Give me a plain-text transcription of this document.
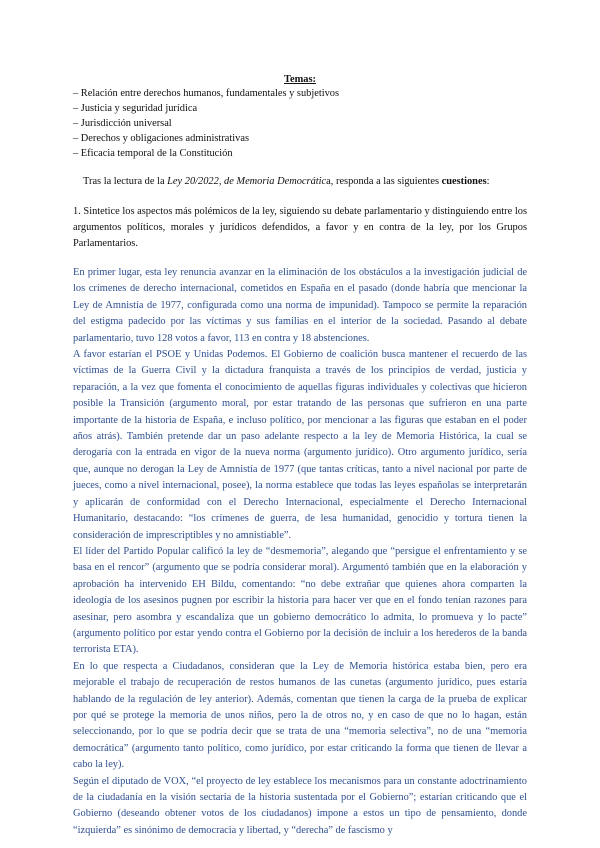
Temas:

– Relación entre derechos humanos, fundamentales y subjetivos
– Justicia y seguridad jurídica
– Jurisdicción universal
– Derechos y obligaciones administrativas
– Eficacia temporal de la Constitución

Tras la lectura de la Ley 20/2022, de Memoria Democrática, responda a las siguientes cuestiones:

1. Sintetice los aspectos más polémicos de la ley, siguiendo su debate parlamentario y distinguiendo entre los argumentos políticos, morales y jurídicos defendidos, a favor y en contra de la ley, por los Grupos Parlamentarios.

En primer lugar, esta ley renuncia avanzar en la eliminación de los obstáculos a la investigación judicial de los crímenes de derecho internacional, cometidos en España en el pasado (donde habría que mencionar la Ley de Amnistía de 1977, configurada como una norma de impunidad). Tampoco se permite la reparación del estigma padecido por las víctimas y sus familias en el interior de la sociedad. Pasando al debate parlamentario, tuvo 128 votos a favor, 113 en contra y 18 abstenciones.

A favor estarían el PSOE y Unidas Podemos. El Gobierno de coalición busca mantener el recuerdo de las víctimas de la Guerra Civil y la dictadura franquista a través de los principios de verdad, justicia y reparación, a la vez que fomenta el conocimiento de aquellas figuras individuales y colectivas que hicieron posible la Transición (argumento moral, por estar tratando de las personas que sufrieron en una parte importante de la historia de España, e incluso político, por mencionar a las figuras que estaban en el poder años atrás). También pretende dar un paso adelante respecto a la ley de Memoria Histórica, la cual se derogaría con la entrada en vigor de la nueva norma (argumento jurídico). Otro argumento jurídico, sería que, aunque no derogan la Ley de Amnistía de 1977 (que tantas críticas, tanto a nivel nacional por parte de jueces, como a nivel internacional, posee), la norma establece que todas las leyes españolas se interpretarán y aplicarán de conformidad con el Derecho Internacional, especialmente el Derecho Internacional Humanitario, destacando: “los crímenes de guerra, de lesa humanidad, genocidio y tortura tienen la consideración de imprescriptibles y no amnistiable”.

El líder del Partido Popular calificó la ley de “desmemoria”, alegando que “persigue el enfrentamiento y se basa en el rencor” (argumento que se podría considerar moral). Argumentó también que en la elaboración y aprobación ha intervenido EH Bildu, comentando: “no debe extrañar que quienes ahora comparten la ideología de los asesinos pugnen por escribir la historia para hacer ver que en el fondo tenían razones para asesinar, pero asombra y escandaliza que un gobierno democrático lo admita, lo promueva y lo pacte” (argumento político por estar yendo contra el Gobierno por la decisión de incluir a los herederos de la banda terrorista ETA).

En lo que respecta a Ciudadanos, consideran que la Ley de Memoria histórica estaba bien, pero era mejorable el trabajo de recuperación de restos humanos de las cunetas (argumento jurídico, pues estaría hablando de la regulación de ley anterior). Además, comentan que tienen la carga de la prueba de explicar por qué se protege la memoria de unos niños, pero la de otros no, y en caso de que no lo hagan, están seleccionando, por lo que se podría decir que se trata de una “memoria selectiva”, no de una “memoria democrática” (argumento tanto político, como jurídico, por estar criticando la forma que tienen de llevar a cabo la ley).

Según el diputado de VOX, “el proyecto de ley establece los mecanismos para un constante adoctrinamiento de la ciudadanía en la visión sectaria de la historia sustentada por el Gobierno”; estarían criticando que el Gobierno (deseando obtener votos de los ciudadanos) impone a estos un tipo de pensamiento, donde “izquierda” es sinónimo de democracia y libertad, y “derecha” de fascismo y
